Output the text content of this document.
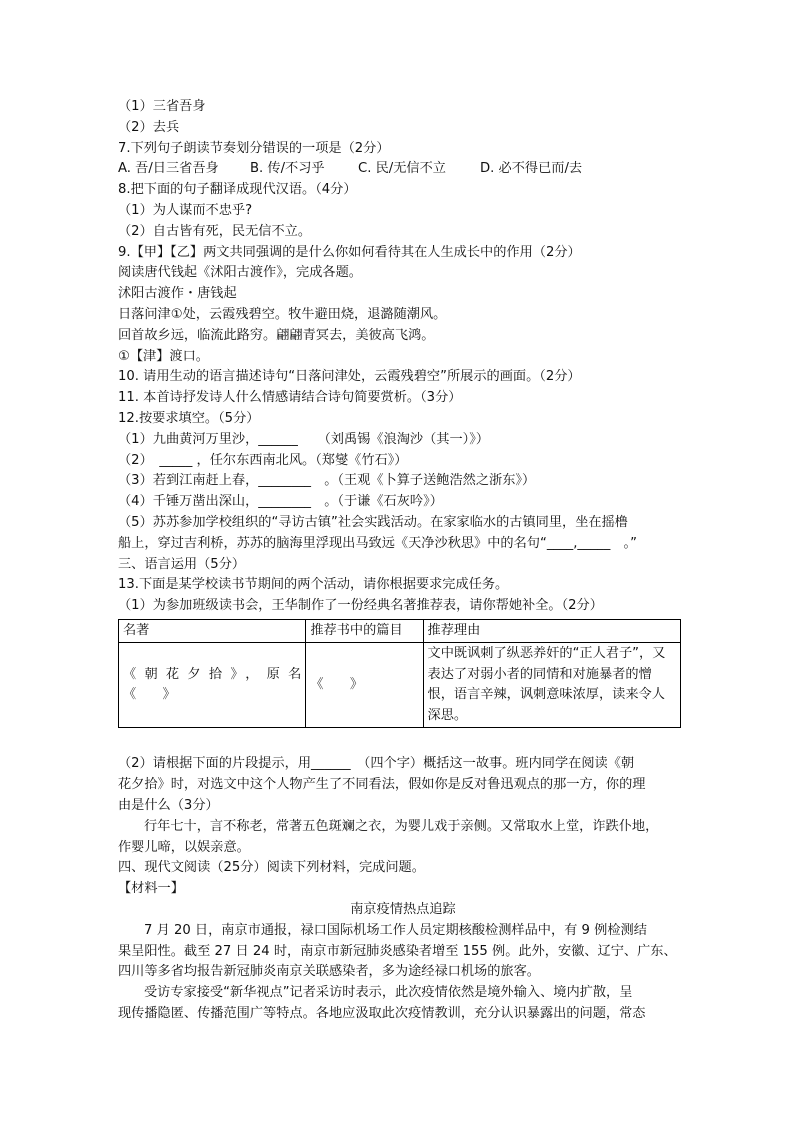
（1）三省吾身
（2）去兵
7.下列句子朗读节奏划分错误的一项是（2分）
A. 吾/日三省吾身 B. 传/不习乎	C. 民/无信不立	D. 必不得已而/去
8.把下面的句子翻译成现代汉语。（4分）
（1）为人谋而不忠乎?
（2）自古皆有死，民无信不立。
9.【甲】【乙】两文共同强调的是什么你如何看待其在人生成长中的作用（2分）
阅读唐代钱起《沭阳古渡作》，完成各题。
沭阳古渡作・唐钱起
日落问津①处，云霞残碧空。牧牛避田烧，退潞随潮风。
回首故乡远，临流此路穷。翩翩青冥去，美彼高飞鸿。
①【津】渡口。
10. 请用生动的语言描述诗句“日落问津处，云霞残碧空”所展示的画面。（2分）
11. 本首诗抒发诗人什么情感请结合诗句简要赏析。（3分）
12.按要求填空。（5分）
（1）九曲黄河万里沙，______　　（刘禹锡《浪淘沙（其一）》）
（2）　_____ ，任尔东西南北风。（郑燮《竹石》）
（3）若到江南赶上春，________　。（王观《卜算子送鲍浩然之浙东》）
（4）千锤万凿出深山，________　。（于谦《石灰吟》）
（5）苏苏参加学校组织的“寻访古镇”社会实践活动。在家家临水的古镇同里，坐在摇橹
船上，穿过吉利桥，苏苏的脑海里浮现出马致远《天净沙秋思》中的名句“____,_____　。”
三、语言运用（5分）
13.下面是某学校读书节期间的两个活动，请你根据要求完成任务。
（1）为参加班级读书会，王华制作了一份经典名著推荐表，请你帮她补全。（2分）
名著	推荐书中的篇目	推荐理由

《朝花夕拾》，原名
《　　》	《　　》	文中既讽刺了纵恶养奸的“正人君子”，又表达了对弱小者的同情和对施暴者的憎恨，语言辛辣，讽刺意味浓厚，读来令人深思。
（2）请根据下面的片段提示，用______　（四个字）概括这一故事。班内同学在阅读《朝
花夕拾》时，对选文中这个人物产生了不同看法，假如你是反对鲁迅观点的那一方，你的理
由是什么（3分）
行年七十，言不称老，常著五色斑斓之衣，为婴儿戏于亲侧。又常取水上堂，诈跌仆地，
作婴儿啼，以娱亲意。
四、现代文阅读（25分）阅读下列材料，完成问题。
【材料一】
南京疫情热点追踪
7 月 20 日，南京市通报，禄口国际机场工作人员定期核酸检测样品中，有 9 例检测结
果呈阳性。截至 27 日 24 时，南京市新冠肺炎感染者增至 155 例。此外，安徽、辽宁、广东、
四川等多省均报告新冠肺炎南京关联感染者，多为途经禄口机场的旅客。
受访专家接受“新华视点”记者采访时表示，此次疫情依然是境外输入、境内扩散，呈
现传播隐匿、传播范围广等特点。各地应汲取此次疫情教训，充分认识暴露出的问题，常态
